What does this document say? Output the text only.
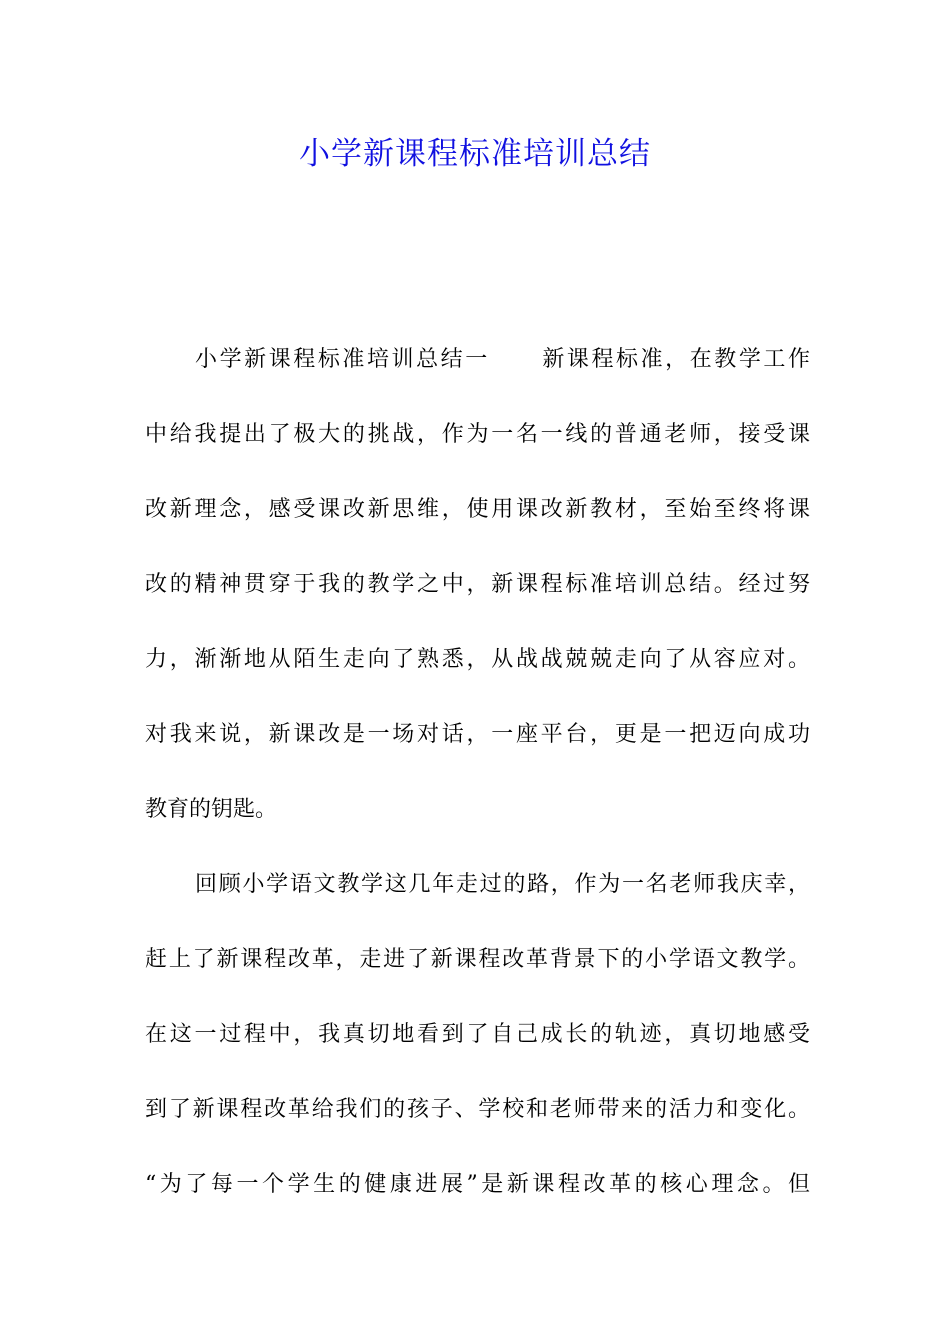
小学新课程标准培训总结
小学新课程标准培训总结一 新课程标准，在教学工作
中给我提出了极大的挑战，作为一名一线的普通老师，接受课
改新理念，感受课改新思维，使用课改新教材，至始至终将课
改的精神贯穿于我的教学之中，新课程标准培训总结。经过努
力，渐渐地从陌生走向了熟悉，从战战兢兢走向了从容应对。
对我来说，新课改是一场对话，一座平台，更是一把迈向成功
教育的钥匙。
回顾小学语文教学这几年走过的路，作为一名老师我庆幸，
赶上了新课程改革，走进了新课程改革背景下的小学语文教学。
在这一过程中，我真切地看到了自己成长的轨迹，真切地感受
到了新课程改革给我们的孩子、学校和老师带来的活力和变化。
“为了每一个学生的健康进展”是新课程改革的核心理念。但
